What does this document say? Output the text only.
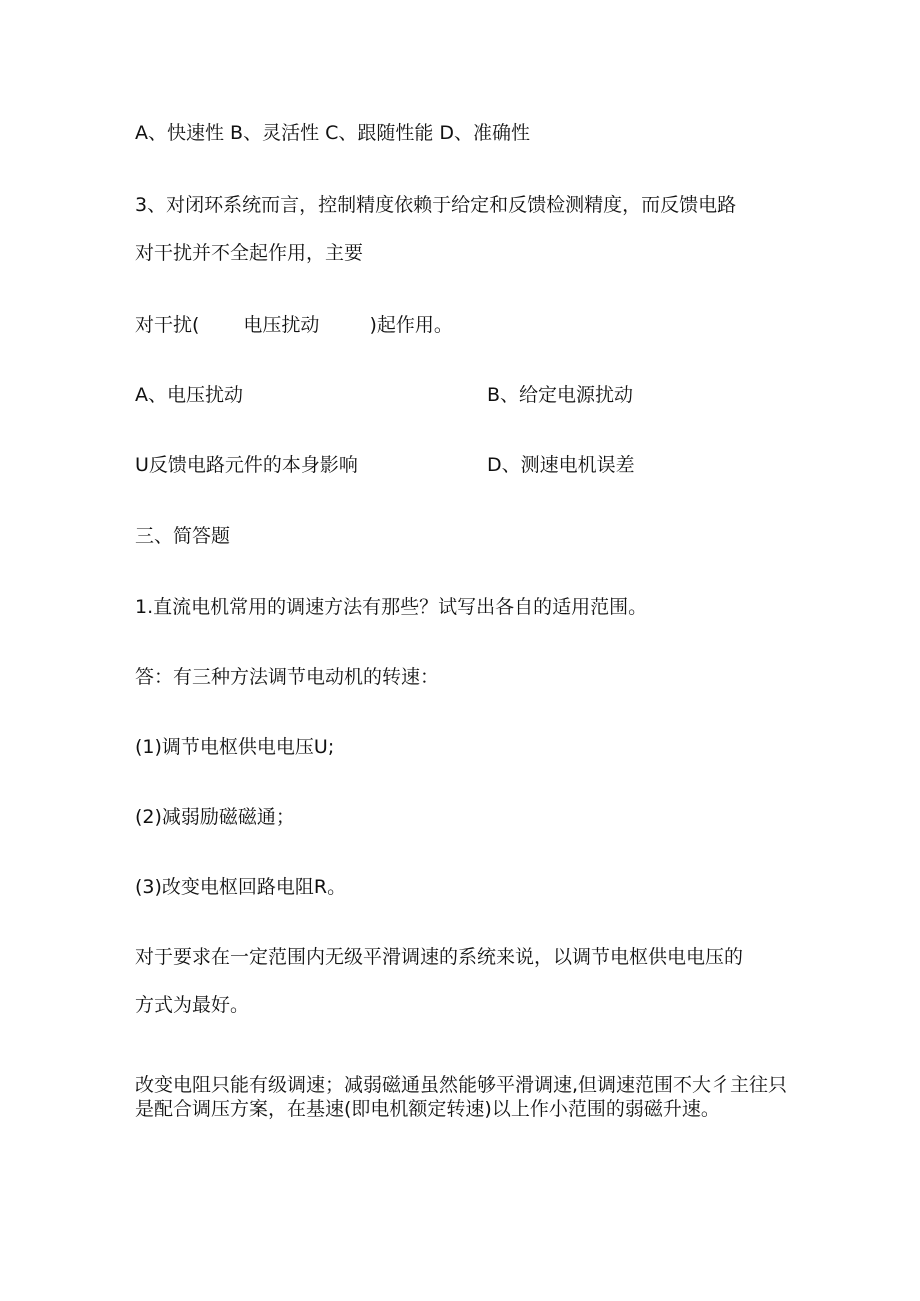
A、快速性 B、灵活性 C、跟随性能 D、准确性
3、对闭环系统而言，控制精度依赖于给定和反馈检测精度，而反馈电路
对干扰并不全起作用，主要
对干扰( 电压扰动	)起作用。
A、电压扰动	B、给定电源扰动
U反馈电路元件的本身影响	D、测速电机误差
三、简答题
1.直流电机常用的调速方法有那些？试写出各自的适用范围。
答：有三种方法调节电动机的转速：
(1)调节电枢供电电压U;
(2)减弱励磁磁通；
(3)改变电枢回路电阻R。
对于要求在一定范围内无级平滑调速的系统来说，以调节电枢供电电压的
方式为最好。
改变电阻只能有级调速；减弱磁通虽然能够平滑调速,但调速范围不大彳主往只是配合调压方案，在基速(即电机额定转速)以上作小范围的弱磁升速。
